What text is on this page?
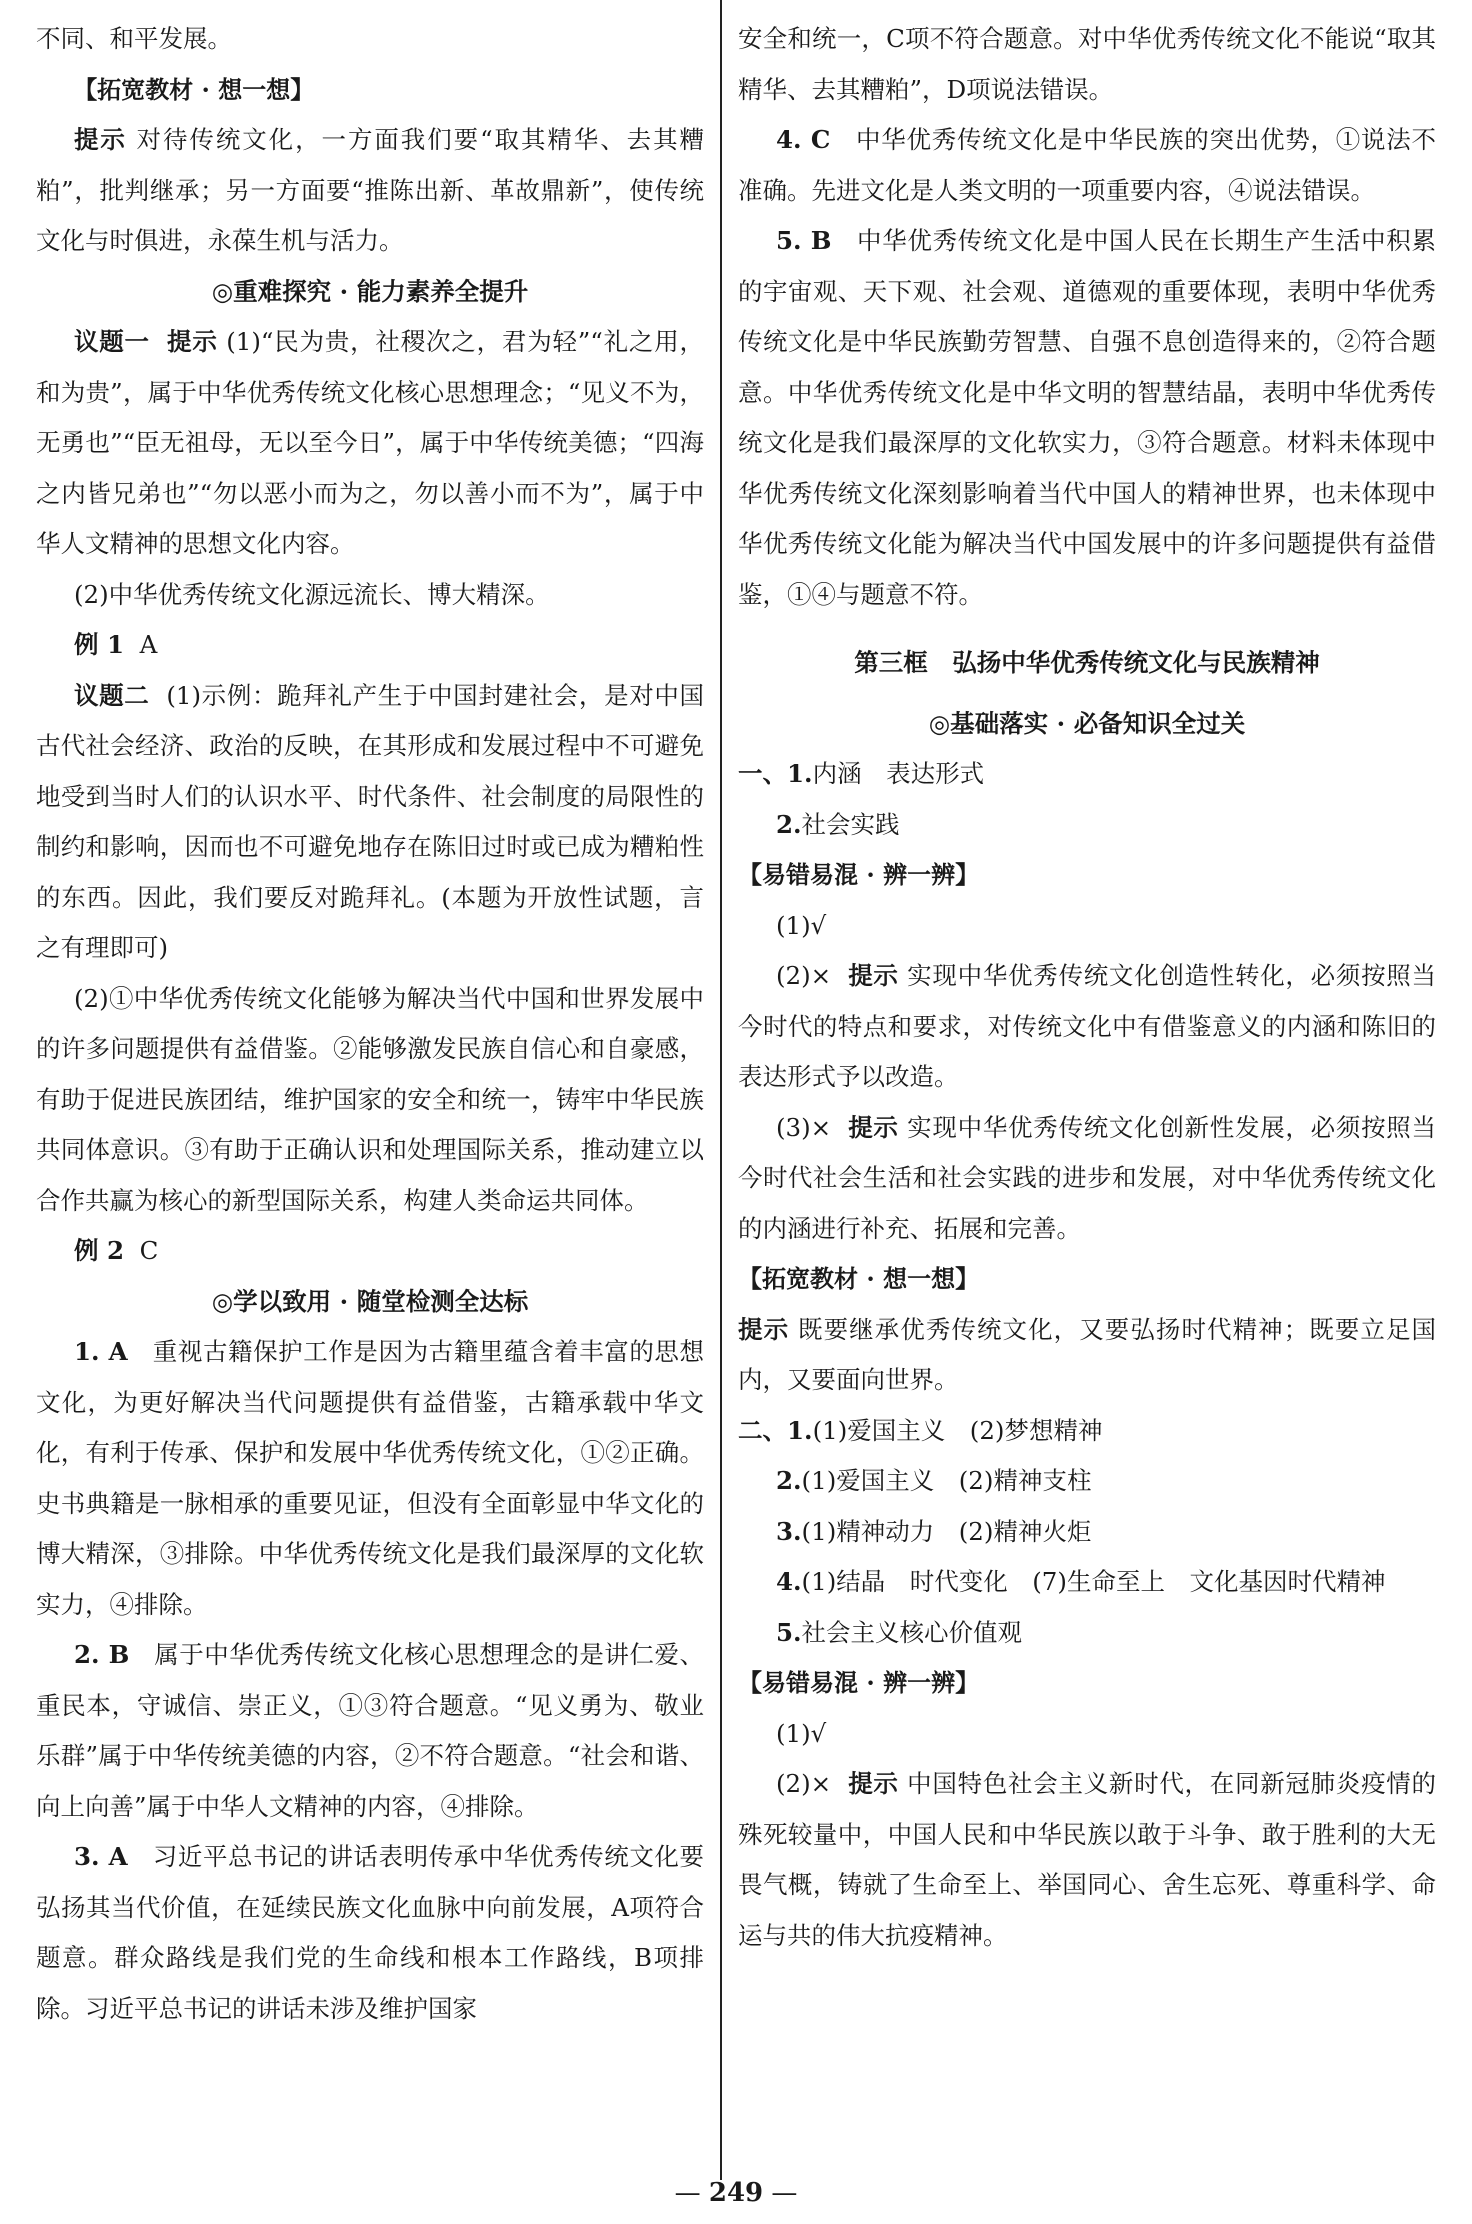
不同、和平发展。

【拓宽教材 · 想一想】

提示 对待传统文化，一方面我们要“取其精华、去其糟粕”，批判继承；另一方面要“推陈出新、革故鼎新”，使传统文化与时俱进，永葆生机与活力。

◎重难探究 · 能力素养全提升

议题一 提示 (1)“民为贵，社稷次之，君为轻”“礼之用，和为贵”，属于中华优秀传统文化核心思想理念；“见义不为，无勇也”“臣无祖母，无以至今日”，属于中华传统美德；“四海之内皆兄弟也”“勿以恶小而为之，勿以善小而不为”，属于中华人文精神的思想文化内容。

(2)中华优秀传统文化源远流长、博大精深。

例 1 A

议题二 (1)示例：跪拜礼产生于中国封建社会，是对中国古代社会经济、政治的反映，在其形成和发展过程中不可避免地受到当时人们的认识水平、时代条件、社会制度的局限性的制约和影响，因而也不可避免地存在陈旧过时或已成为糟粕性的东西。因此，我们要反对跪拜礼。(本题为开放性试题，言之有理即可)

(2)①中华优秀传统文化能够为解决当代中国和世界发展中的许多问题提供有益借鉴。②能够激发民族自信心和自豪感，有助于促进民族团结，维护国家的安全和统一，铸牢中华民族共同体意识。③有助于正确认识和处理国际关系，推动建立以合作共赢为核心的新型国际关系，构建人类命运共同体。

例 2 C

◎学以致用 · 随堂检测全达标

1. A 重视古籍保护工作是因为古籍里蕴含着丰富的思想文化，为更好解决当代问题提供有益借鉴，古籍承载中华文化，有利于传承、保护和发展中华优秀传统文化，①②正确。史书典籍是一脉相承的重要见证，但没有全面彰显中华文化的博大精深，③排除。中华优秀传统文化是我们最深厚的文化软实力，④排除。

2. B 属于中华优秀传统文化核心思想理念的是讲仁爱、重民本，守诚信、崇正义，①③符合题意。“见义勇为、敬业乐群”属于中华传统美德的内容，②不符合题意。“社会和谐、向上向善”属于中华人文精神的内容，④排除。

3. A 习近平总书记的讲话表明传承中华优秀传统文化要弘扬其当代价值，在延续民族文化血脉中向前发展，A项符合题意。群众路线是我们党的生命线和根本工作路线，B项排除。习近平总书记的讲话未涉及维护国家

安全和统一，C项不符合题意。对中华优秀传统文化不能说“取其精华、去其糟粕”，D项说法错误。

4. C 中华优秀传统文化是中华民族的突出优势，①说法不准确。先进文化是人类文明的一项重要内容，④说法错误。

5. B 中华优秀传统文化是中国人民在长期生产生活中积累的宇宙观、天下观、社会观、道德观的重要体现，表明中华优秀传统文化是中华民族勤劳智慧、自强不息创造得来的，②符合题意。中华优秀传统文化是中华文明的智慧结晶，表明中华优秀传统文化是我们最深厚的文化软实力，③符合题意。材料未体现中华优秀传统文化深刻影响着当代中国人的精神世界，也未体现中华优秀传统文化能为解决当代中国发展中的许多问题提供有益借鉴，①④与题意不符。

第三框　弘扬中华优秀传统文化与民族精神

◎基础落实 · 必备知识全过关

一、1.内涵　表达形式

2.社会实践

【易错易混 · 辨一辨】

(1)√

(2)× 提示 实现中华优秀传统文化创造性转化，必须按照当今时代的特点和要求，对传统文化中有借鉴意义的内涵和陈旧的表达形式予以改造。

(3)× 提示 实现中华优秀传统文化创新性发展，必须按照当今时代社会生活和社会实践的进步和发展，对中华优秀传统文化的内涵进行补充、拓展和完善。

【拓宽教材 · 想一想】

提示 既要继承优秀传统文化，又要弘扬时代精神；既要立足国内，又要面向世界。

二、1.(1)爱国主义　(2)梦想精神

2.(1)爱国主义　(2)精神支柱

3.(1)精神动力　(2)精神火炬

4.(1)结晶　时代变化　(7)生命至上　文化基因时代精神

5.社会主义核心价值观

【易错易混 · 辨一辨】

(1)√

(2)× 提示 中国特色社会主义新时代，在同新冠肺炎疫情的殊死较量中，中国人民和中华民族以敢于斗争、敢于胜利的大无畏气概，铸就了生命至上、举国同心、舍生忘死、尊重科学、命运与共的伟大抗疫精神。

— 249 —
